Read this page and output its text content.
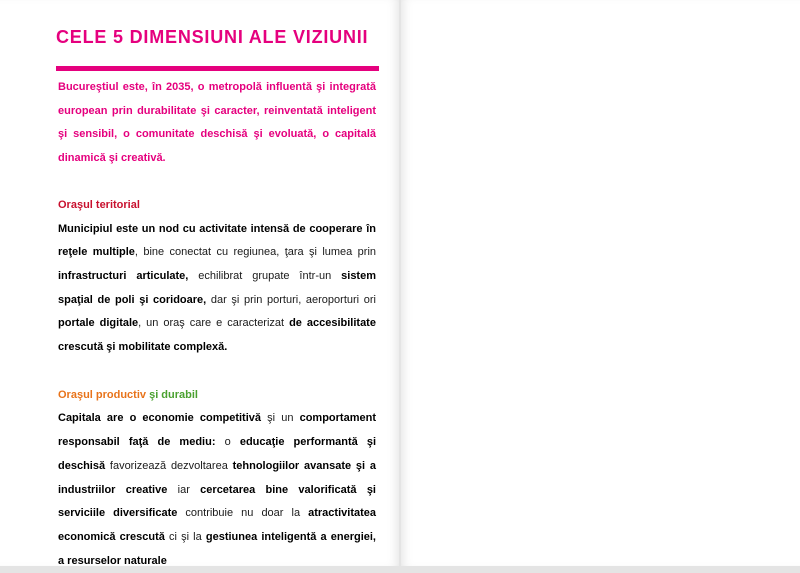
CELE 5 DIMENSIUNI ALE VIZIUNII

Bucureştiul este, în 2035, o metropolă influentă şi integrată european prin durabilitate şi caracter, reinventată inteligent şi sensibil, o comunitate deschisă şi evoluată, o capitală dinamică şi creativă.

Oraşul teritorial

Municipiul este un nod cu activitate intensă de cooperare în reţele multiple, bine conectat cu regiunea, ţara şi lumea prin infrastructuri articulate, echilibrat grupate într-un sistem spaţial de poli şi coridoare, dar şi prin porturi, aeroporturi ori portale digitale, un oraş care e caracterizat de accesibilitate crescută şi mobilitate complexă.

Oraşul productiv şi durabil

Capitala are o economie competitivă şi un comportament responsabil faţă de mediu: o educaţie performantă şi deschisă favorizează dezvoltarea tehnologiilor avansate şi a industriilor creative iar cercetarea bine valorificată şi serviciile diversificate contribuie nu doar la atractivitatea economică crescută ci şi la gestiunea inteligentă a energiei, a resurselor naturale
